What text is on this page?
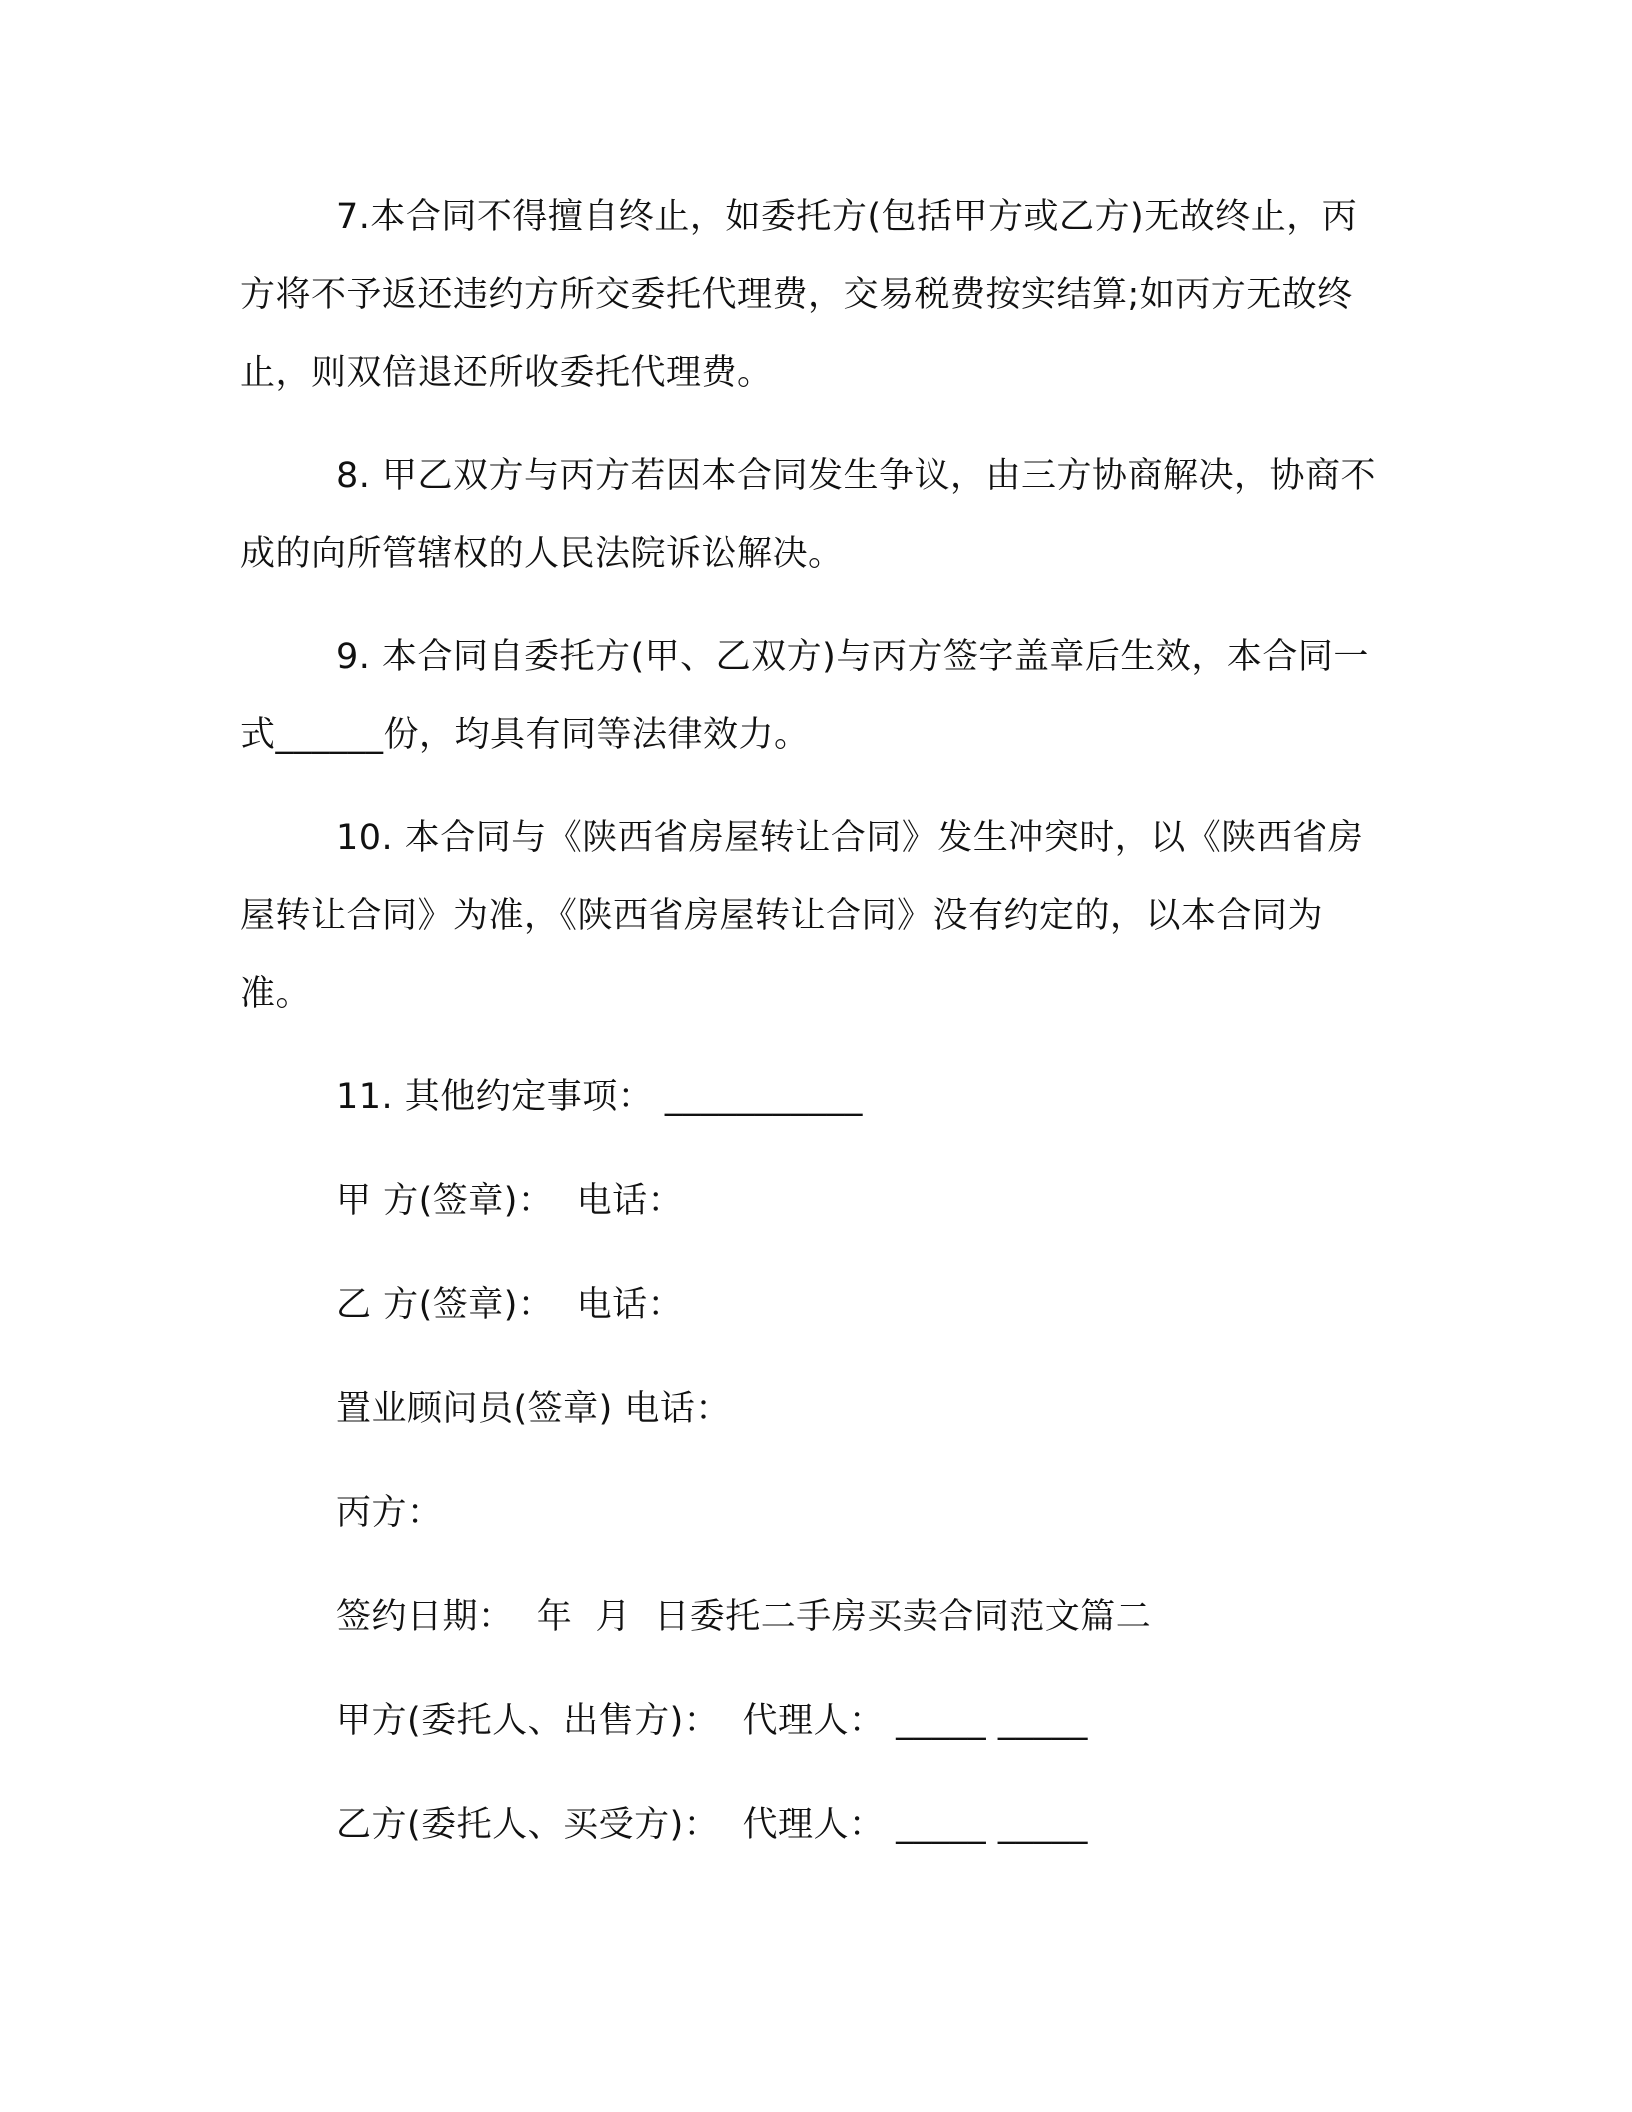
7.本合同不得擅自终止，如委托方(包括甲方或乙方)无故终止，丙方将不予返还违约方所交委托代理费，交易税费按实结算;如丙方无故终止，则双倍退还所收委托代理费。

8. 甲乙双方与丙方若因本合同发生争议，由三方协商解决，协商不成的向所管辖权的人民法院诉讼解决。

9. 本合同自委托方(甲、乙双方)与丙方签字盖章后生效，本合同一式______份，均具有同等法律效力。

10. 本合同与《陕西省房屋转让合同》发生冲突时，以《陕西省房屋转让合同》为准，《陕西省房屋转让合同》没有约定的，以本合同为准。

11. 其他约定事项： ___________
甲 方(签章)：  电话：
乙 方(签章)：  电话：
置业顾问员(签章) 电话：
丙方：
签约日期：  年  月  日委托二手房买卖合同范文篇二
甲方(委托人、出售方)：  代理人： _____ _____
乙方(委托人、买受方)：  代理人： _____ _____
